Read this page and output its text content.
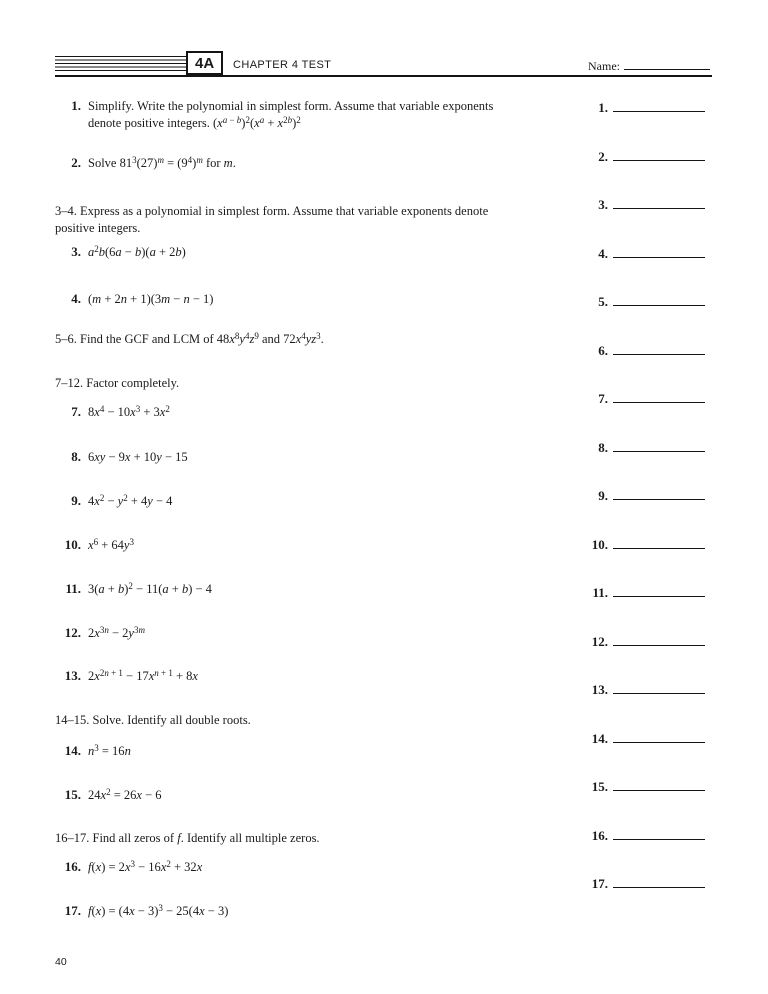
4A	CHAPTER 4 TEST	Name:
1. Simplify. Write the polynomial in simplest form. Assume that variable exponents
denote positive integers. $(x^{a - b})^2(x^a + x^{2b})^2$
2. Solve $81^3(27)^m = (9^4)^m$ for m.
3–4. Express as a polynomial in simplest form. Assume that variable exponents denote
positive integers.
3. $a^2b(6a - b)(a + 2b)$
4. (m + 2n + 1)(3m − n − 1)
5–6. Find the GCF and LCM of $48x^8y^4z^9$ and $72x^4yz^3$.
7–12. Factor completely.
7. $8x^4 - 10x^3 + 3x^2$
8. 6xy − 9x + 10y − 15
9. $4x^2 - y^2 + 4y - 4$
10. $x^6 + 64y^3$
11. $3(a + b)^2 - 11(a + b) - 4$
12. $2x^{3n} - 2y^{3m}$
13. $2x^{2n + 1} - 17x^{n + 1} + 8x$
14–15. Solve. Identify all double roots.
14. $n^3 = 16n$
15. $24x^2 = 26x - 6$
16–17. Find all zeros of f. Identify all multiple zeros.
16. $f(x) = 2x^3 - 16x^2 + 32x$
17. $f(x) = (4x - 3)^3 - 25(4x - 3)$
1.
2.
3.
4.
5.
6.
7.
8.
9.
10.
11.
12.
13.
14.
15.
16.
17.
40
